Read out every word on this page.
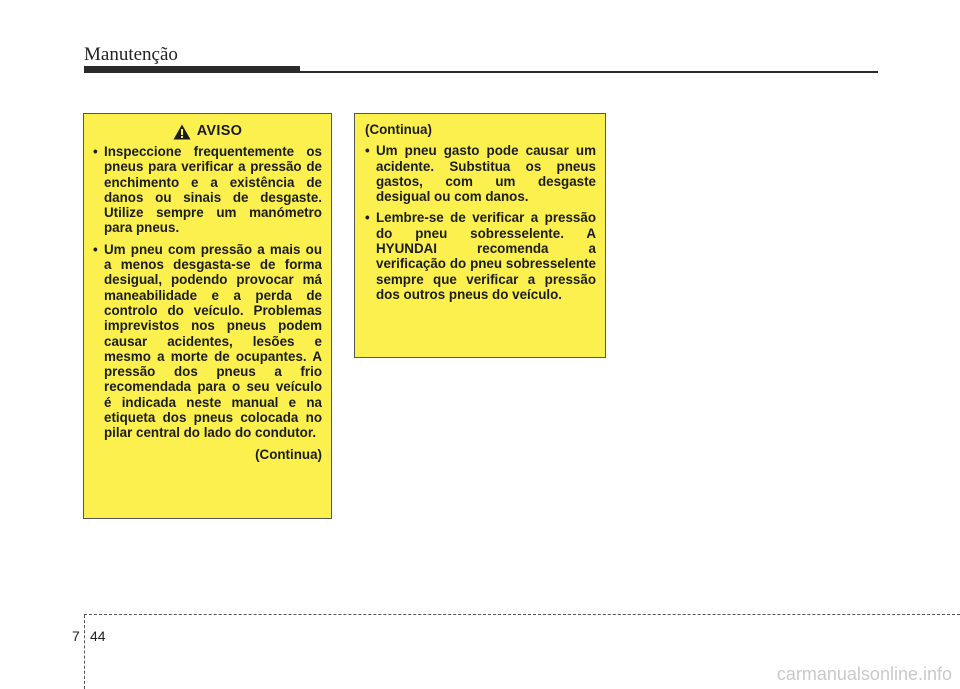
Manutenção
AVISO
• Inspeccione frequentemente os pneus para verificar a pressão de enchimento e a existência de danos ou sinais de desgaste. Utilize sempre um manómetro para pneus.
• Um pneu com pressão a mais ou a menos desgasta-se de forma desigual, podendo provocar má maneabilidade e a perda de controlo do veículo. Problemas imprevistos nos pneus podem causar acidentes, lesões e mesmo a morte de ocupantes. A pressão dos pneus a frio recomendada para o seu veículo é indicada neste manual e na etiqueta dos pneus colocada no pilar central do lado do condutor.
(Continua)
(Continua)
• Um pneu gasto pode causar um acidente. Substitua os pneus gastos, com um desgaste desigual ou com danos.
• Lembre-se de verificar a pressão do pneu sobresselente. A HYUNDAI recomenda a verificação do pneu sobresselente sempre que verificar a pressão dos outros pneus do veículo.
7 44
carmanualsonline.info
